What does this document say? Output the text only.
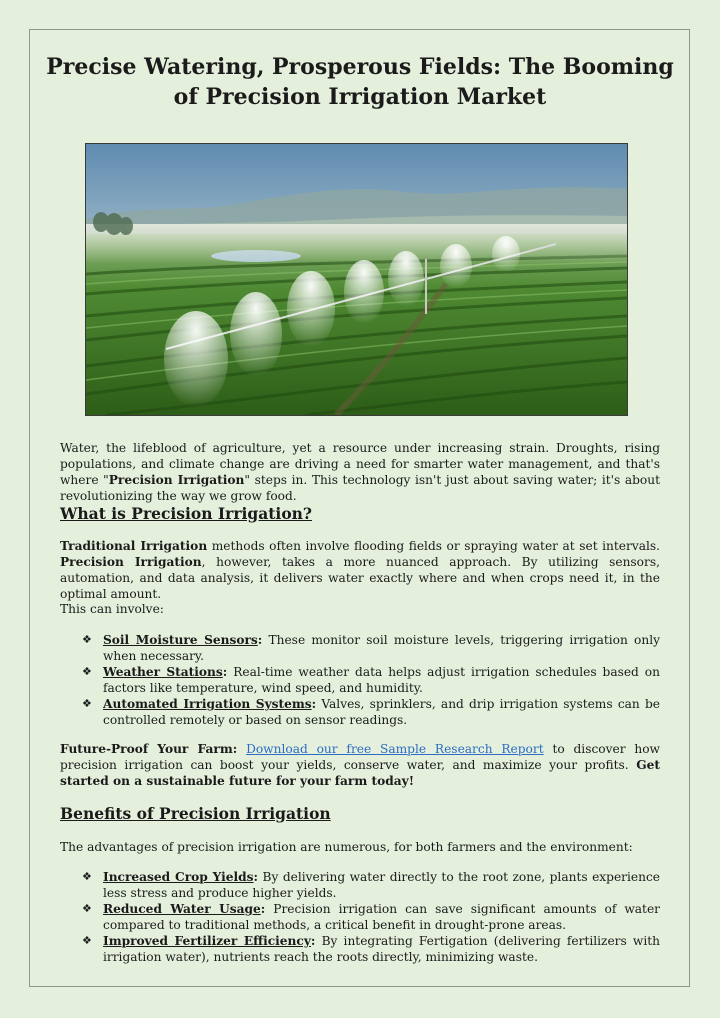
Precise Watering, Prosperous Fields: The Booming of Precision Irrigation Market
Water, the lifeblood of agriculture, yet a resource under increasing strain. Droughts, rising populations, and climate change are driving a need for smarter water management, and that's where "Precision Irrigation" steps in. This technology isn't just about saving water; it's about revolutionizing the way we grow food.
What is Precision Irrigation?
Traditional Irrigation methods often involve flooding fields or spraying water at set intervals. Precision Irrigation, however, takes a more nuanced approach. By utilizing sensors, automation, and data analysis, it delivers water exactly where and when crops need it, in the optimal amount.
This can involve:
❖ Soil Moisture Sensors: These monitor soil moisture levels, triggering irrigation only when necessary.
❖ Weather Stations: Real-time weather data helps adjust irrigation schedules based on factors like temperature, wind speed, and humidity.
❖ Automated Irrigation Systems: Valves, sprinklers, and drip irrigation systems can be controlled remotely or based on sensor readings.
Future-Proof Your Farm: Download our free Sample Research Report to discover how precision irrigation can boost your yields, conserve water, and maximize your profits. Get started on a sustainable future for your farm today!
Benefits of Precision Irrigation
The advantages of precision irrigation are numerous, for both farmers and the environment:
❖ Increased Crop Yields: By delivering water directly to the root zone, plants experience less stress and produce higher yields.
❖ Reduced Water Usage: Precision irrigation can save significant amounts of water compared to traditional methods, a critical benefit in drought-prone areas.
❖ Improved Fertilizer Efficiency: By integrating Fertigation (delivering fertilizers with irrigation water), nutrients reach the roots directly, minimizing waste.
